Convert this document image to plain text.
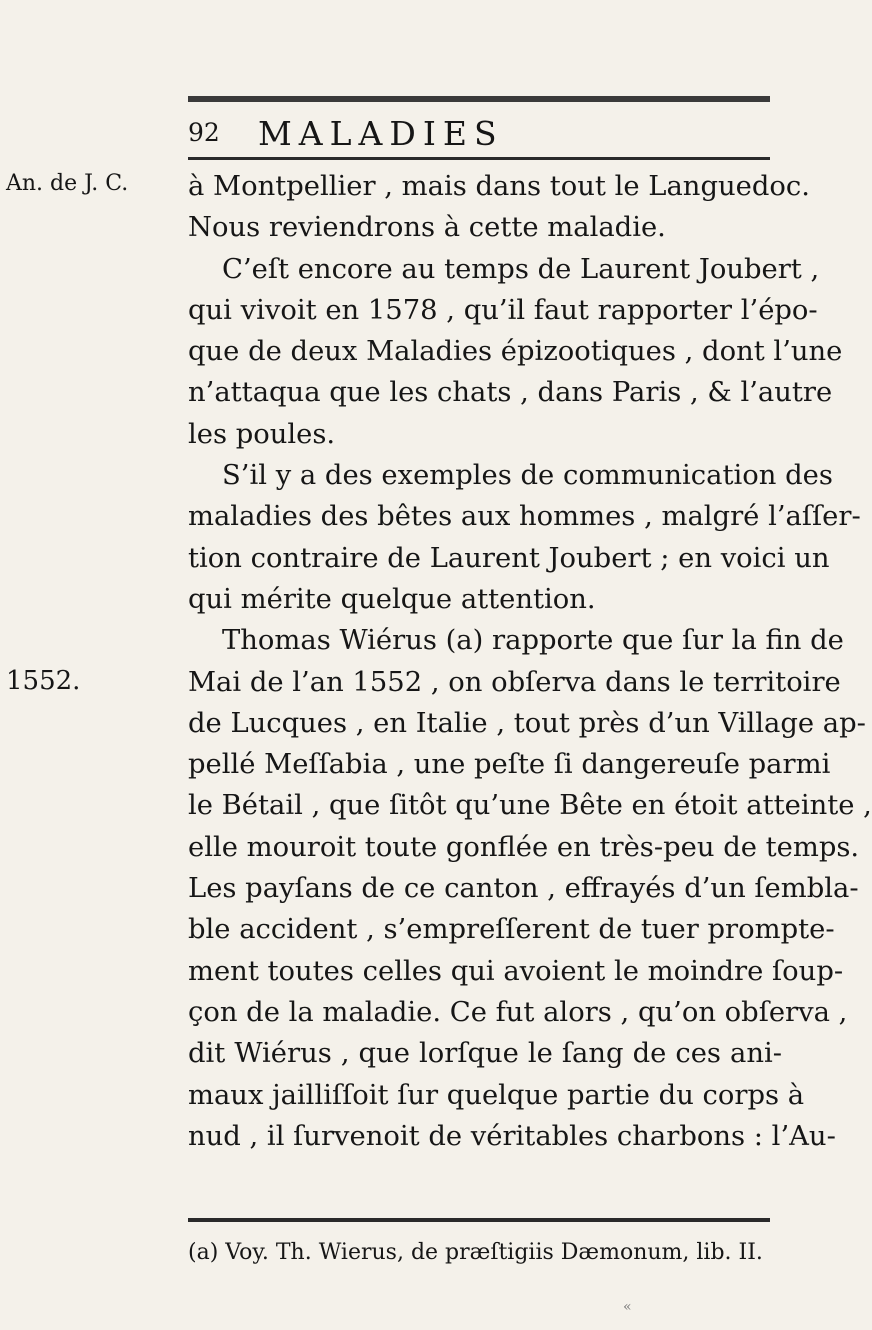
92 MALADIES
An. de J. C.
1552.
à Montpellier , mais dans tout le Languedoc.
Nous reviendrons à cette maladie.
C’eſt encore au temps de Laurent Joubert ,
qui vivoit en 1578 , qu’il faut rapporter l’épo-
que de deux Maladies épizootiques , dont l’une
n’attaqua que les chats , dans Paris , & l’autre
les poules.
S’il y a des exemples de communication des
maladies des bêtes aux hommes , malgré l’aſſer-
tion contraire de Laurent Joubert ; en voici un
qui mérite quelque attention.
Thomas Wiérus (a) rapporte que ſur la fin de
Mai de l’an 1552 , on obſerva dans le territoire
de Lucques , en Italie , tout près d’un Village ap-
pellé Meſſabia , une peſte ſi dangereuſe parmi
le Bétail , que ſitôt qu’une Bête en étoit atteinte ,
elle mouroit toute gonflée en très-peu de temps.
Les payſans de ce canton , effrayés d’un ſembla-
ble accident , s’empreſſerent de tuer prompte-
ment toutes celles qui avoient le moindre ſoup-
çon de la maladie. Ce fut alors , qu’on obſerva ,
dit Wiérus , que lorſque le ſang de ces ani-
maux jailliſſoit ſur quelque partie du corps à
nud , il ſurvenoit de véritables charbons : l’Au-
(a) Voy. Th. Wierus, de præſtigiis Dæmonum, lib. II.
«
